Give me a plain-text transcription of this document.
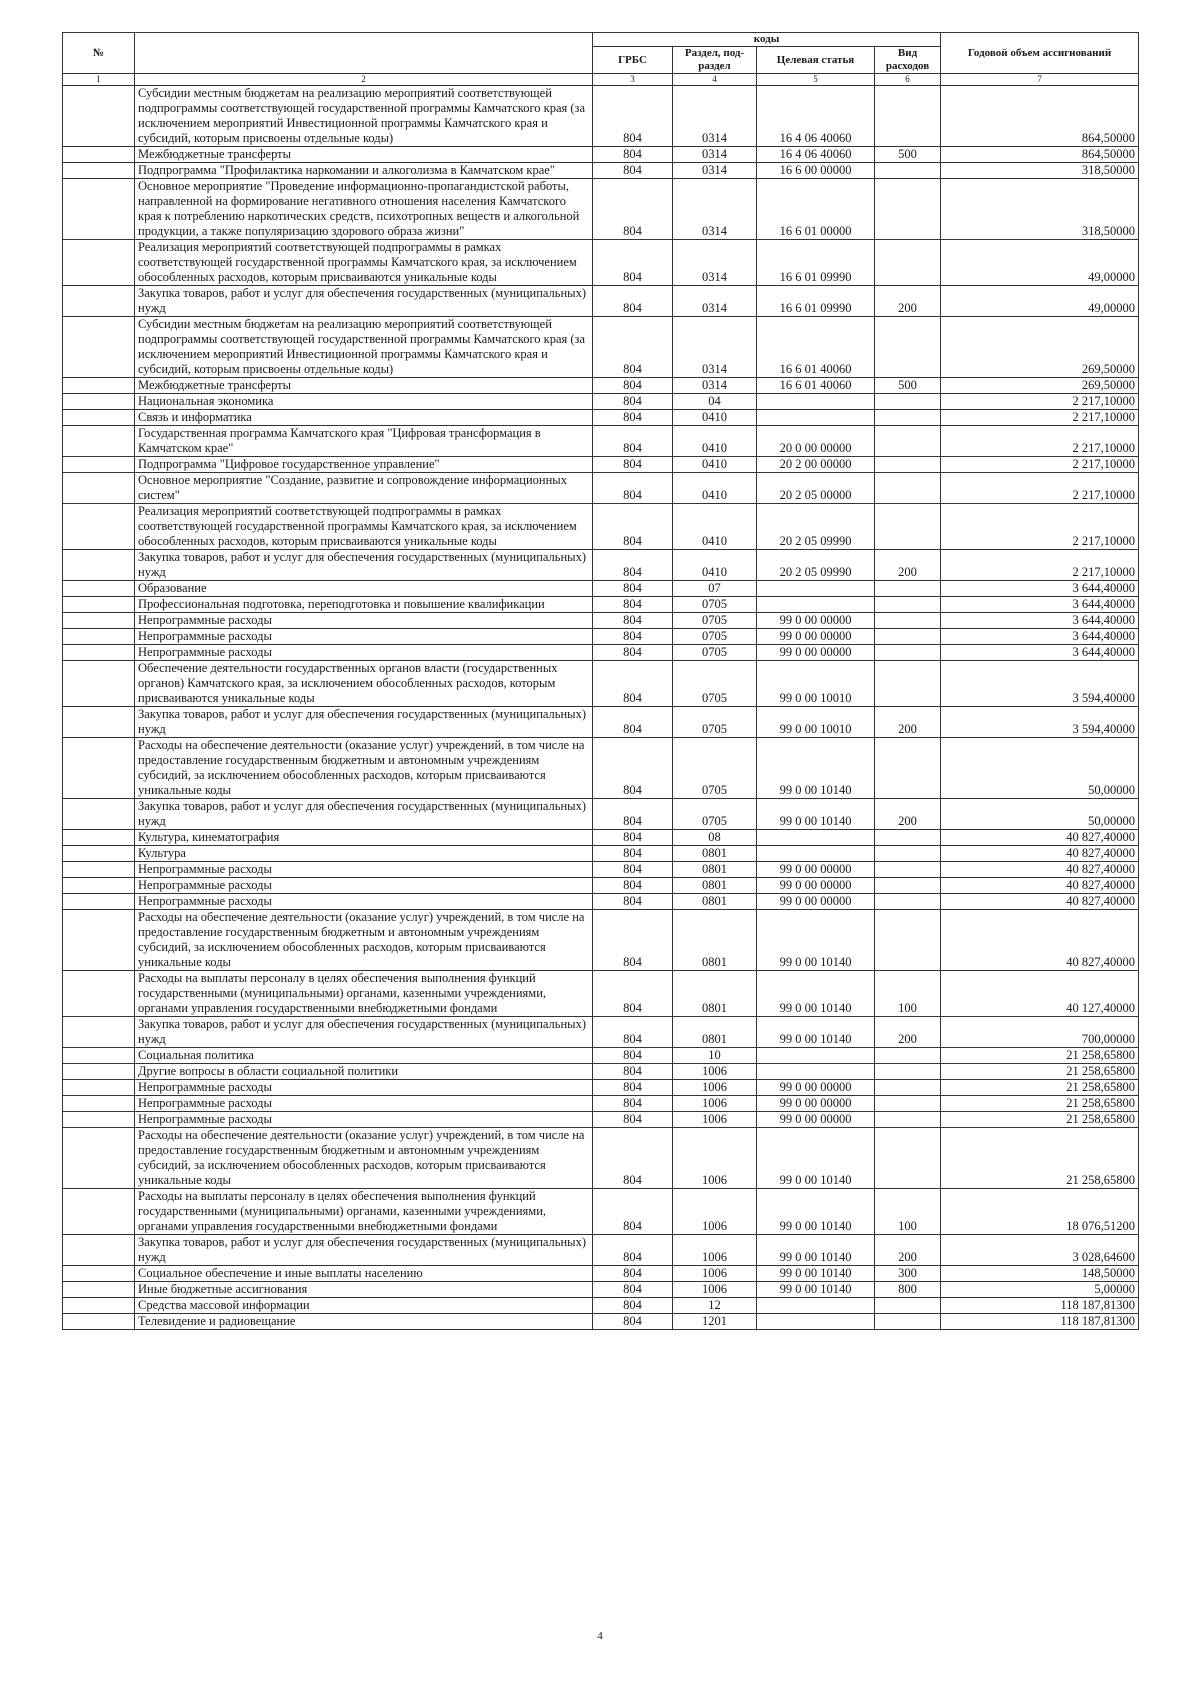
№		коды				Годовой объем ассигнований
		ГРБС	Раздел, под-раздел	Целевая статья	Вид расходов	
1	2	3	4	5	6	7
	Субсидии местным бюджетам на реализацию мероприятий соответствующей подпрограммы соответствующей государственной программы Камчатского края (за исключением мероприятий Инвестиционной программы Камчатского края и субсидий, которым присвоены отдельные коды)	804	0314	16 4 06 40060		864,50000
	Межбюджетные трансферты	804	0314	16 4 06 40060	500	864,50000
	Подпрограмма "Профилактика наркомании и алкоголизма в Камчатском крае"	804	0314	16 6 00 00000		318,50000
	Основное мероприятие "Проведение информационно-пропагандистской работы, направленной на формирование негативного отношения населения Камчатского края к потреблению наркотических средств, психотропных веществ и алкогольной продукции, а также популяризацию здорового образа жизни"	804	0314	16 6 01 00000		318,50000
	Реализация мероприятий соответствующей подпрограммы в рамках соответствующей государственной программы Камчатского края, за исключением обособленных расходов, которым присваиваются уникальные коды	804	0314	16 6 01 09990		49,00000
	Закупка товаров, работ и услуг для обеспечения государственных (муниципальных) нужд	804	0314	16 6 01 09990	200	49,00000
	Субсидии местным бюджетам на реализацию мероприятий соответствующей подпрограммы соответствующей государственной программы Камчатского края (за исключением мероприятий Инвестиционной программы Камчатского края и субсидий, которым присвоены отдельные коды)	804	0314	16 6 01 40060		269,50000
	Межбюджетные трансферты	804	0314	16 6 01 40060	500	269,50000
	Национальная экономика	804	04			2 217,10000
	Связь и информатика	804	0410			2 217,10000
	Государственная программа Камчатского края "Цифровая трансформация в Камчатском крае"	804	0410	20 0 00 00000		2 217,10000
	Подпрограмма "Цифровое государственное управление"	804	0410	20 2 00 00000		2 217,10000
	Основное мероприятие "Создание, развитие и сопровождение информационных систем"	804	0410	20 2 05 00000		2 217,10000
	Реализация мероприятий соответствующей подпрограммы в рамках соответствующей государственной программы Камчатского края, за исключением обособленных расходов, которым присваиваются уникальные коды	804	0410	20 2 05 09990		2 217,10000
	Закупка товаров, работ и услуг для обеспечения государственных (муниципальных) нужд	804	0410	20 2 05 09990	200	2 217,10000
	Образование	804	07			3 644,40000
	Профессиональная подготовка, переподготовка и повышение квалификации	804	0705			3 644,40000
	Непрограммные расходы	804	0705	99 0 00 00000		3 644,40000
	Непрограммные расходы	804	0705	99 0 00 00000		3 644,40000
	Непрограммные расходы	804	0705	99 0 00 00000		3 644,40000
	Обеспечение деятельности государственных органов власти (государственных органов) Камчатского края, за исключением обособленных расходов, которым присваиваются уникальные коды	804	0705	99 0 00 10010		3 594,40000
	Закупка товаров, работ и услуг для обеспечения государственных (муниципальных) нужд	804	0705	99 0 00 10010	200	3 594,40000
	Расходы на обеспечение деятельности (оказание услуг) учреждений, в том числе на предоставление государственным бюджетным и автономным учреждениям субсидий, за исключением обособленных расходов, которым присваиваются уникальные коды	804	0705	99 0 00 10140		50,00000
	Закупка товаров, работ и услуг для обеспечения государственных (муниципальных) нужд	804	0705	99 0 00 10140	200	50,00000
	Культура, кинематография	804	08			40 827,40000
	Культура	804	0801			40 827,40000
	Непрограммные расходы	804	0801	99 0 00 00000		40 827,40000
	Непрограммные расходы	804	0801	99 0 00 00000		40 827,40000
	Непрограммные расходы	804	0801	99 0 00 00000		40 827,40000
	Расходы на обеспечение деятельности (оказание услуг) учреждений, в том числе на предоставление государственным бюджетным и автономным учреждениям субсидий, за исключением обособленных расходов, которым присваиваются уникальные коды	804	0801	99 0 00 10140		40 827,40000
	Расходы на выплаты персоналу в целях обеспечения выполнения функций государственными (муниципальными) органами, казенными учреждениями, органами управления государственными внебюджетными фондами	804	0801	99 0 00 10140	100	40 127,40000
	Закупка товаров, работ и услуг для обеспечения государственных (муниципальных) нужд	804	0801	99 0 00 10140	200	700,00000
	Социальная политика	804	10			21 258,65800
	Другие вопросы в области социальной политики	804	1006			21 258,65800
	Непрограммные расходы	804	1006	99 0 00 00000		21 258,65800
	Непрограммные расходы	804	1006	99 0 00 00000		21 258,65800
	Непрограммные расходы	804	1006	99 0 00 00000		21 258,65800
	Расходы на обеспечение деятельности (оказание услуг) учреждений, в том числе на предоставление государственным бюджетным и автономным учреждениям субсидий, за исключением обособленных расходов, которым присваиваются уникальные коды	804	1006	99 0 00 10140		21 258,65800
	Расходы на выплаты персоналу в целях обеспечения выполнения функций государственными (муниципальными) органами, казенными учреждениями, органами управления государственными внебюджетными фондами	804	1006	99 0 00 10140	100	18 076,51200
	Закупка товаров, работ и услуг для обеспечения государственных (муниципальных) нужд	804	1006	99 0 00 10140	200	3 028,64600
	Социальное обеспечение и иные выплаты населению	804	1006	99 0 00 10140	300	148,50000
	Иные бюджетные ассигнования	804	1006	99 0 00 10140	800	5,00000
	Средства массовой информации	804	12			118 187,81300
	Телевидение и радиовещание	804	1201			118 187,81300
4
